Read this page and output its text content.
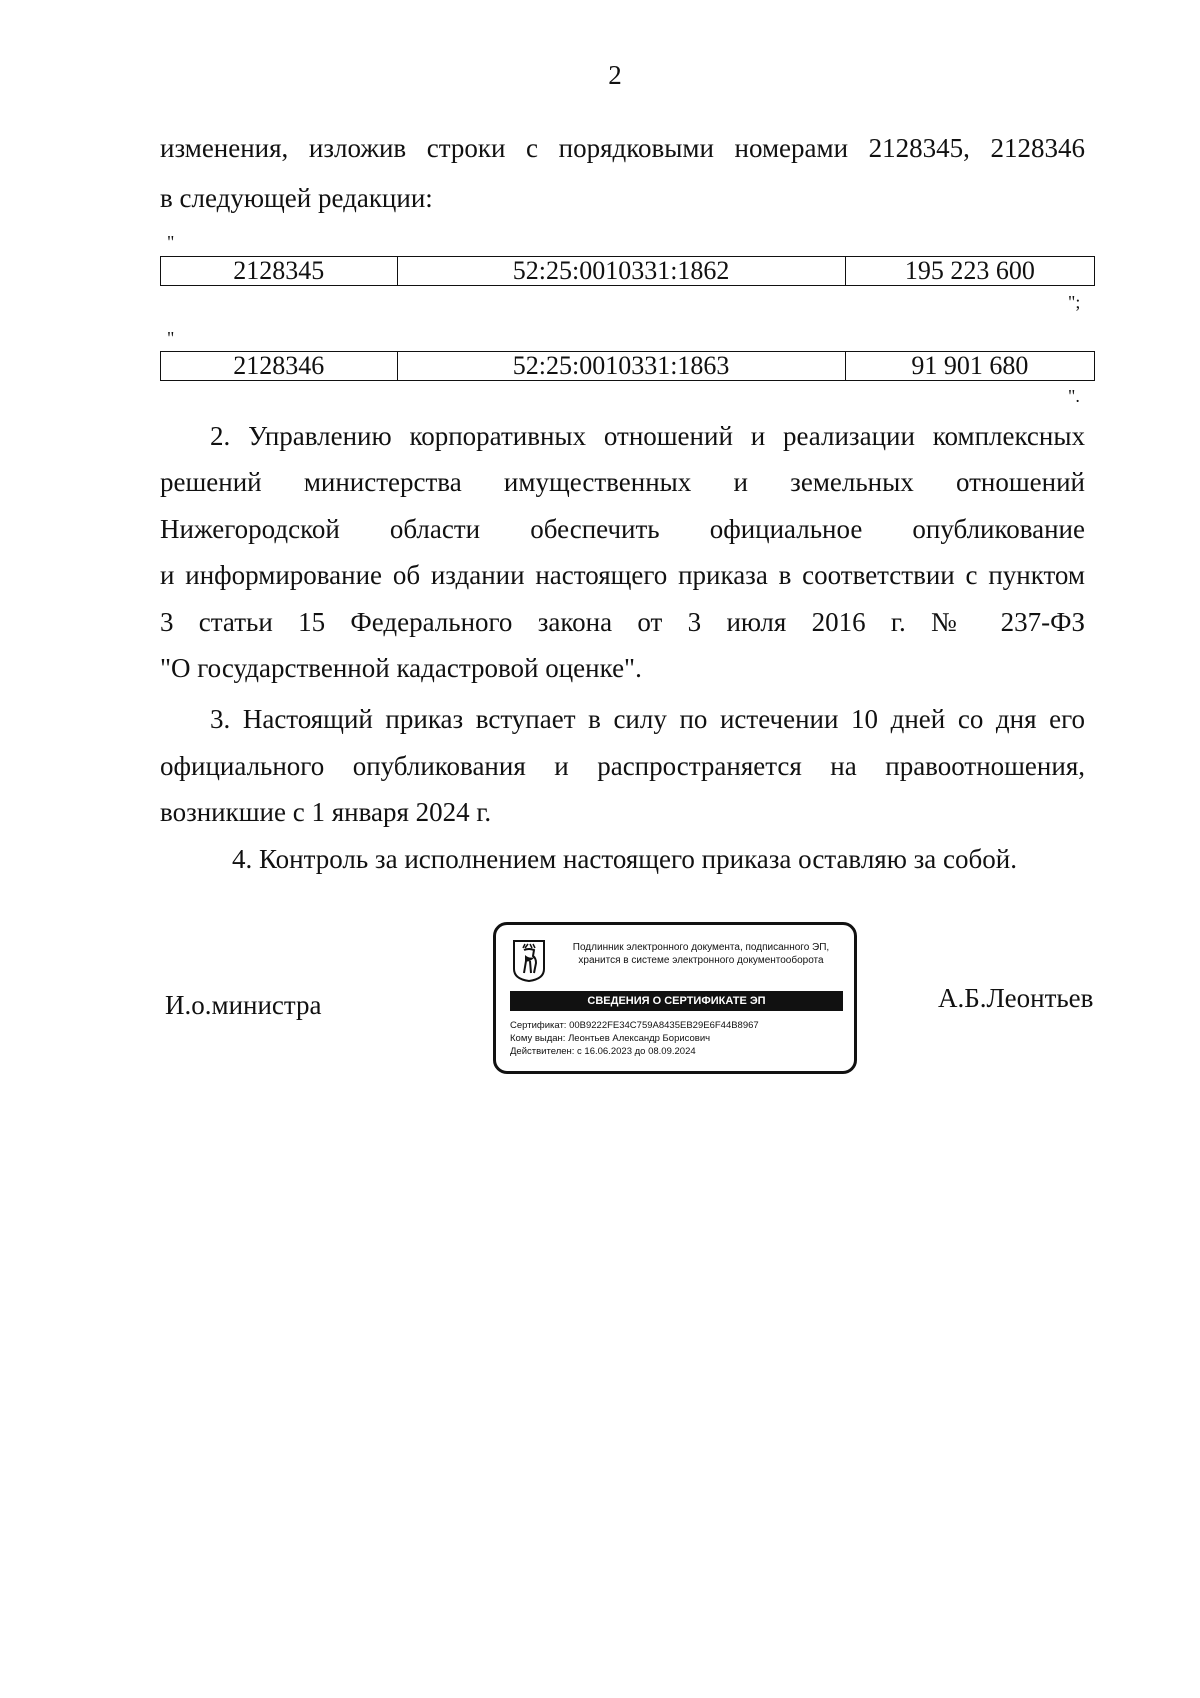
2
изменения, изложив строки с порядковыми номерами 2128345, 2128346
в следующей редакции:
"
2128345	52:25:0010331:1862	195 223 600
";
"
2128346	52:25:0010331:1863	91 901 680
".
2. Управлению корпоративных отношений и реализации комплексных
решений министерства имущественных и земельных отношений
Нижегородской области обеспечить официальное опубликование
и информирование об издании настоящего приказа в соответствии с пунктом
3 статьи 15 Федерального закона от 3 июля 2016 г. № 237-ФЗ
"О государственной кадастровой оценке".
3. Настоящий приказ вступает в силу по истечении 10 дней со дня его
официального опубликования и распространяется на правоотношения,
возникшие с 1 января 2024 г.
4. Контроль за исполнением настоящего приказа оставляю за собой.
И.о.министра
Подлинник электронного документа, подписанного ЭП,
хранится в системе электронного документооборота
СВЕДЕНИЯ О СЕРТИФИКАТЕ ЭП
Сертификат: 00B9222FE34C759A8435EB29E6F44B8967
Кому выдан: Леонтьев Александр Борисович
Действителен: с 16.06.2023 до 08.09.2024
А.Б.Леонтьев
